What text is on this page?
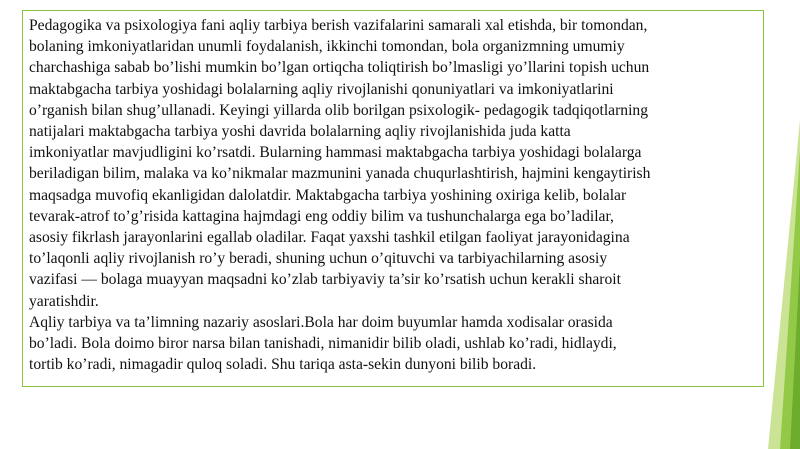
Pedagogika va psixologiya fani aqliy tarbiya berish vazifalarini samarali xal etishda, bir tomondan,
bolaning imkoniyatlaridan unumli foydalanish, ikkinchi tomondan, bola organizmning umumiy
charchashiga sabab bo’lishi mumkin bo’lgan ortiqcha toliqtirish bo’lmasligi yo’llarini topish uchun
maktabgacha tarbiya yoshidagi bolalarning aqliy rivojlanishi qonuniyatlari va imkoniyatlarini
o’rganish bilan shug’ullanadi. Keyingi yillarda olib borilgan psixologik- pedagogik tadqiqotlarning
natijalari maktabgacha tarbiya yoshi davrida bolalarning aqliy rivojlanishida juda katta
imkoniyatlar mavjudligini ko’rsatdi. Bularning hammasi maktabgacha tarbiya yoshidagi bolalarga
beriladigan bilim, malaka va ko’nikmalar mazmunini yanada chuqurlashtirish, hajmini kengaytirish
maqsadga muvofiq ekanligidan dalolatdir. Maktabgacha tarbiya yoshining oxiriga kelib, bolalar
tevarak-atrof to’g’risida kattagina hajmdagi eng oddiy bilim va tushunchalarga ega bo’ladilar,
asosiy fikrlash jarayonlarini egallab oladilar. Faqat yaxshi tashkil etilgan faoliyat jarayonidagina
to’laqonli aqliy rivojlanish ro’y beradi, shuning uchun o’qituvchi va tarbiyachilarning asosiy
vazifasi — bolaga muayyan maqsadni ko’zlab tarbiyaviy ta’sir ko’rsatish uchun kerakli sharoit
yaratishdir.

Aqliy tarbiya va ta’limning nazariy asoslari.Bola har doim buyumlar hamda xodisalar orasida
bo’ladi. Bola doimo biror narsa bilan tanishadi, nimanidir bilib oladi, ushlab ko’radi, hidlaydi,
tortib ko’radi, nimagadir quloq soladi. Shu tariqa asta-sekin dunyoni bilib boradi.
